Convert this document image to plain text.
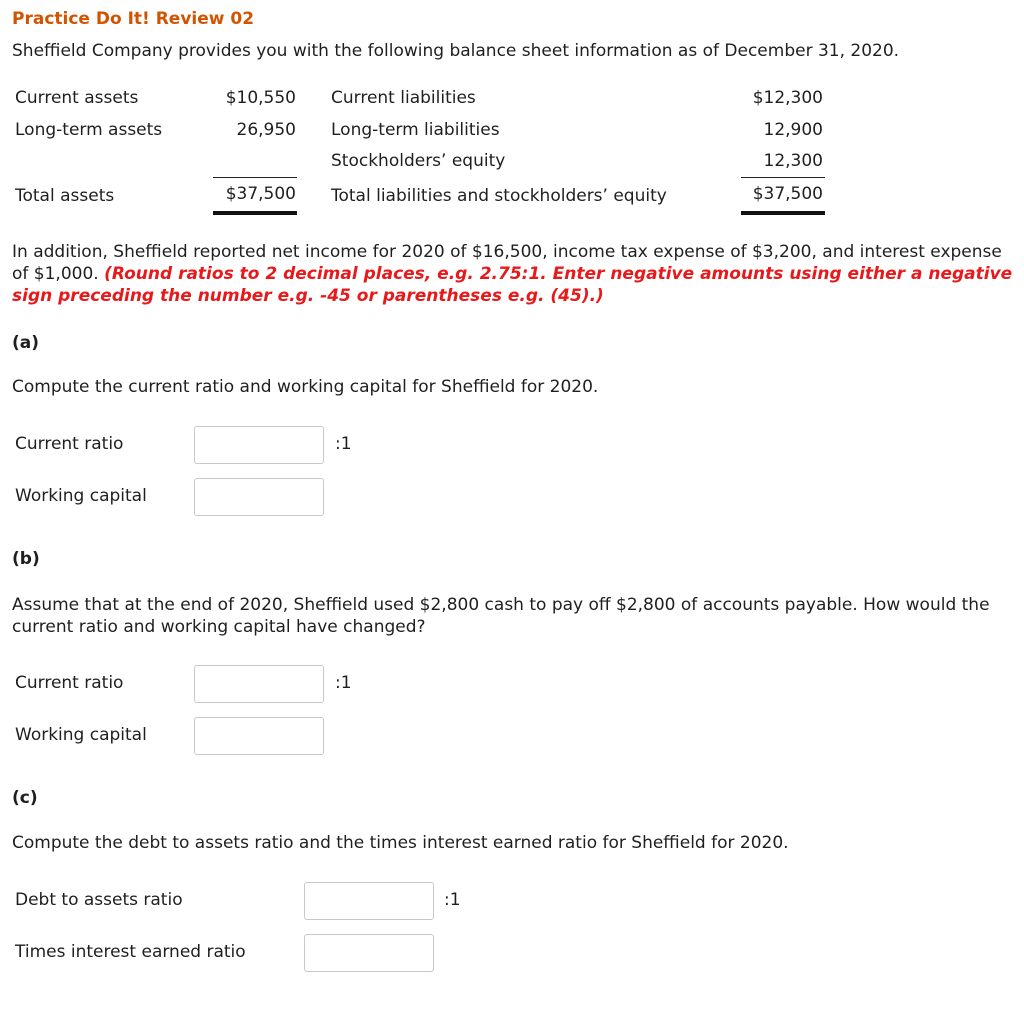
Practice Do It! Review 02
Sheffield Company provides you with the following balance sheet information as of December 31, 2020.
Current assets	$10,550
Long-term assets	26,950
Total assets	$37,500
Current liabilities	$12,300
Long-term liabilities	12,900
Stockholders’ equity	12,300
Total liabilities and stockholders’ equity	$37,500
In addition, Sheffield reported net income for 2020 of $16,500, income tax expense of $3,200, and interest expense of $1,000. (Round ratios to 2 decimal places, e.g. 2.75:1. Enter negative amounts using either a negative sign preceding the number e.g. -45 or parentheses e.g. (45).)
(a)
Compute the current ratio and working capital for Sheffield for 2020.
Current ratio	:1
Working capital
(b)
Assume that at the end of 2020, Sheffield used $2,800 cash to pay off $2,800 of accounts payable. How would the current ratio and working capital have changed?
Current ratio	:1
Working capital
(c)
Compute the debt to assets ratio and the times interest earned ratio for Sheffield for 2020.
Debt to assets ratio	:1
Times interest earned ratio
